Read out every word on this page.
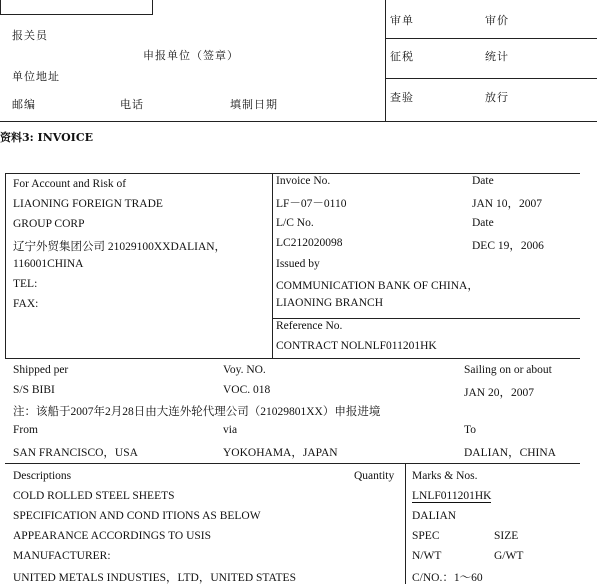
报关员
申报单位（签章）
单位地址
邮编	电话	填制日期
审单	审价
征税	统计
查验	放行
资料3: INVOICE
For Account and Risk of
LIAONING FOREIGN TRADE
GROUP CORP
辽宁外贸集团公司 21029100XXDALIAN，
116001CHINA
TEL:
FAX:
Invoice No.	Date
LF－07－0110	JAN 10，2007
L/C No.	Date
LC212020098	DEC 19，2006
Issued by
COMMUNICATION BANK OF CHINA，
LIAONING BRANCH
Reference No.
CONTRACT NOLNLF011201HK
Shipped per	Voy. NO.	Sailing on or about
S/S BIBI	VOC. 018	JAN 20，2007
注：该船于2007年2月28日由大连外轮代理公司（21029801XX）申报进境
From	via	To
SAN FRANCISCO，USA	YOKOHAMA，JAPAN	DALIAN，CHINA
Descriptions	Quantity
COLD ROLLED STEEL SHEETS
SPECIFICATION AND COND ITIONS AS BELOW
APPEARANCE ACCORDINGS TO USIS
MANUFACTURER:
UNITED METALS INDUSTIES，LTD，UNITED STATES
Marks & Nos.
LNLF011201HK
DALIAN
SPEC	SIZE
N/WT	G/WT
C/NO.：1～60
